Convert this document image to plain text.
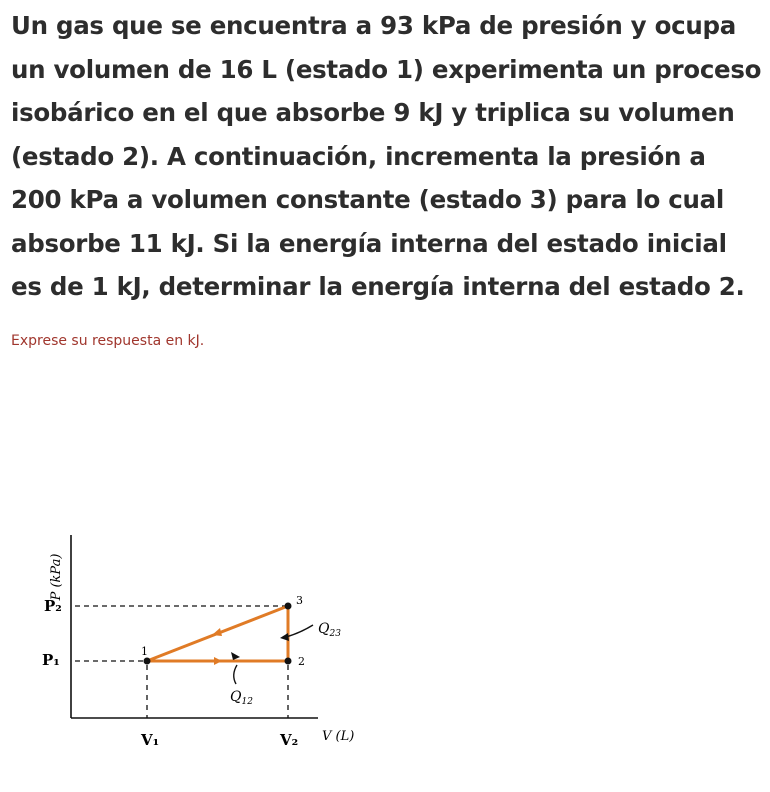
Un gas que se encuentra a 93 kPa de presión y ocupa un volumen de 16 L (estado 1) experimenta un proceso isobárico en el que absorbe 9 kJ y triplica su volumen (estado 2). A continuación, incrementa la presión a 200 kPa a volumen constante (estado 3) para lo cual absorbe 11 kJ. Si la energía interna del estado inicial es de 1 kJ, determinar la energía interna del estado 2.

Exprese su respuesta en kJ.

P (kPa)
1
2
3
P₂
P₁
V₁	V₂ V (L)
$Q_{23}$
$Q_{12}$
